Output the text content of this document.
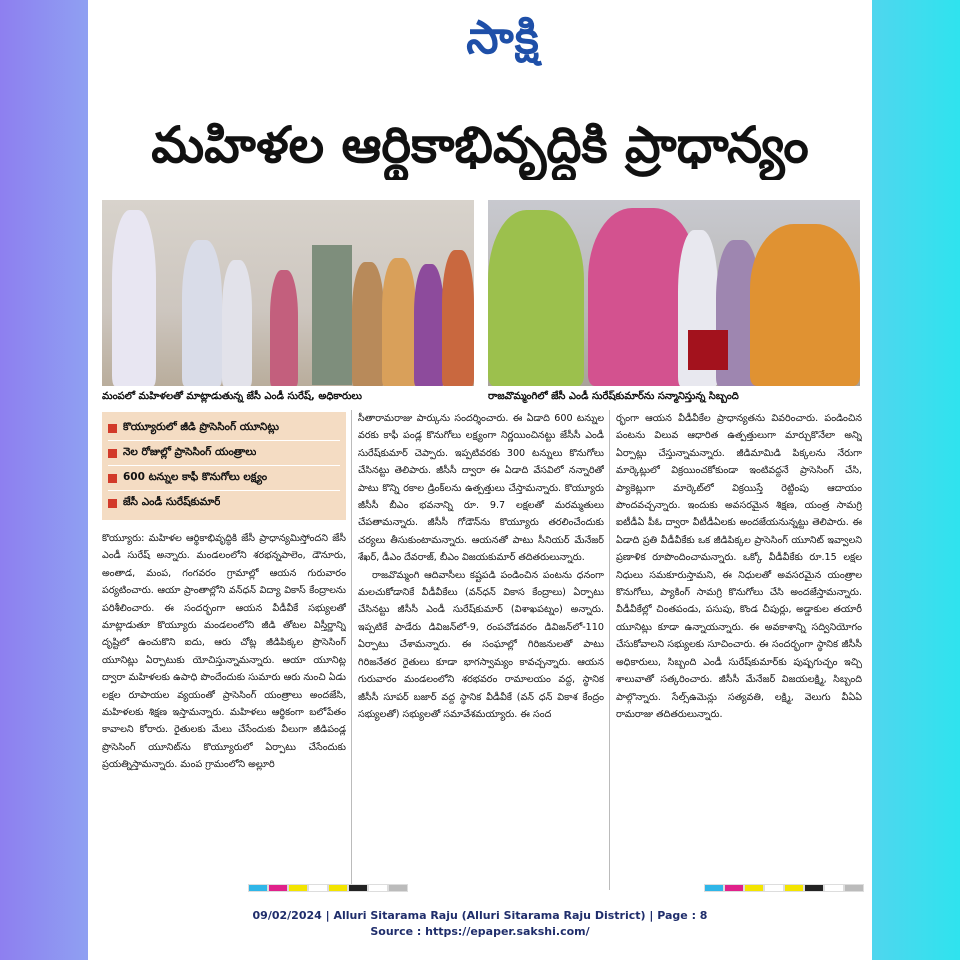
సాక్షి
మహిళల ఆర్థికాభివృద్ధికి ప్రాధాన్యం
మంపలో మహిళలతో మాట్లాడుతున్న జేసీ ఎండీ సురేష్‌, అధికారులు	రాజవొమ్మంగిలో జేసీ ఎండీ సురేష్‌కుమార్‌ను సన్మానిస్తున్న సిబ్బంది
కొయ్యూరులో జీడి ప్రొసెసింగ్‌ యూనిట్లు
నెల రోజుల్లో ప్రాసెసింగ్‌ యంత్రాలు
600 టన్నుల కాఫీ కొనుగోలు లక్ష్యం
జేసీ ఎండీ సురేష్‌కుమార్‌

కొయ్యూరు: మహిళల ఆర్థికాభివృద్ధికి జేసీ ప్రాధాన్యమిస్తోందని జేసీ ఎండీ సురేష్‌ అన్నారు. మండలంలోని శరభన్నపాలెం, డౌనూరు, అంతాడ, మంప, గంగవరం గ్రామాల్లో ఆయన గురువారం పర్యటించారు. ఆయా ప్రాంతాల్లోని వన్‌ధన్‌ విద్యా వికాస్‌ కేంద్రాలను పరిశీలించారు. ఈ సందర్భంగా ఆయన వీడీవీకే సభ్యులతో మాట్లాడుతూ కొయ్యూరు మండలంలోని జీడి తోటల విస్తీర్ణాన్ని దృష్టిలో ఉంచుకొని ఐదు, ఆరు చోట్ల జీడిపిక్కల ప్రొసెసింగ్‌ యూనిట్లు ఏర్పాటుకు యోచిస్తున్నామన్నారు. ఆయా యూనిట్ల ద్వారా మహిళలకు ఉపాధి పొందేందుకు సుమారు ఆరు నుంచి ఏడు లక్షల రూపాయల వ్యయంతో ప్రాసెసింగ్‌ యంత్రాలు అందజేసి, మహిళలకు శిక్షణ ఇస్తామన్నారు. మహిళలు ఆర్థికంగా బలోపేతం కావాలని కోరారు. రైతులకు మేలు చేసేందుకు వీలుగా జీడిపండ్ల ప్రొసెసింగ్‌ యూనిట్‌ను కొయ్యూరులో ఏర్పాటు చేసేందుకు ప్రయత్నిస్తామన్నారు. మంప గ్రామంలోని అల్లూరి

సీతారామరాజు పార్కును సందర్శించారు. ఈ ఏడాది 600 టన్నుల వరకు కాఫీ పండ్ల కొనుగోలు లక్ష్యంగా నిర్ణయించినట్టు జేసీసీ ఎండీ సురేష్‌కుమార్‌ చెప్పారు. ఇప్పటివరకు 300 టన్నులు కొనుగోలు చేసినట్టు తెలిపారు. జీసీసీ ద్వారా ఈ ఏడాది వేసవిలో నన్నారితో పాటు కొన్ని రకాల డ్రింక్‌లను ఉత్పత్తులు చేస్తామన్నారు. కొయ్యూరు జీసీసీ బీఎం భవనాన్ని రూ. 9.7 లక్షలతో మరమ్మతులు చేపతామన్నారు. జీసీసీ గోడౌన్‌ను కొయ్యూరు తరలించేందుకు చర్యలు తీసుకుంటామన్నారు. ఆయనతో పాటు సీనియర్‌ మేనేజర్‌ శేఖర్‌, డీఎం దేవరాజ్‌, బీఎం విజయకుమార్‌ తదితరులున్నారు.

రాజవొమ్మంగి ఆదివాసీలు కష్టపడి పండించిన పంటను ధనంగా మలచుకోడానికే వీడీవీకేలు (వన్‌ధన్‌ వికాస కేంద్రాలు) ఏర్పాటు చేసినట్టు జీసీసీ ఎండీ సురేష్‌కుమార్‌ (విశాఖపట్నం) అన్నారు. ఇప్పటికే పాడేరు డివిజన్‌లో-9, రంపచోడవరం డివిజన్‌లో-110 ఏర్పాటు చేశామన్నారు. ఈ సంఘాల్లో గిరిజనులతో పాటు గిరిజనేతర రైతులు కూడా భాగస్వామ్యం కావచ్చన్నారు. ఆయన గురువారం మండలంలోని శరభవరం రామాలయం వద్ద, స్థానిక జీసీసీ సూపర్‌ బజార్‌ వద్ద స్థానిక వీడీవీకే (వన్‌ ధన్‌ వికాశ కేంద్రం సభ్యులతో) సభ్యులతో సమావేశమయ్యారు. ఈ సంద

ర్భంగా ఆయన వీడీవీకేల ప్రాధాన్యతను వివరించారు. పండించిన పంటను విలువ ఆధారిత ఉత్పత్తులుగా మార్చుకొనేలా అన్ని ఏర్పాట్లు చేస్తున్నామన్నారు. జీడిమామిడి పిక్కలను నేరుగా మార్కెట్లులో విక్రయించకోకుండా ఇంటివద్దనే ప్రాసెసింగ్‌ చేసి, ప్యాకెట్లుగా మార్కెట్‌లో విక్రయిస్తే రెట్టింపు ఆదాయం పొందవచ్చన్నారు. ఇందుకు అవసరమైన శిక్షణ, యంత్ర సామగ్రి ఐటీడీఏ పీఓ ద్వారా వీటీడీఏలకు అందజేయనున్నట్టు తెలిపారు. ఈ ఏడాది ప్రతి వీడీవీకేకు ఒక జీడిపిక్కల ప్రాసెసింగ్‌ యూనిట్‌ ఇవ్వాలని ప్రణాళిక రూపొందించామన్నారు. ఒక్కో వీడీవీకేకు రూ.15 లక్షల నిధులు సమకూరుస్తామని, ఈ నిధులతో అవసరమైన యంత్రాల కొనుగోలు, ప్యాకింగ్‌ సామగ్రి కొనుగోలు చేసి అందజేస్తామన్నారు. వీడీవీకేల్లో చింతపండు, పసుపు, కొండ చీపుర్లు, అడ్డాకుల తయారీ యూనిట్లు కూడా ఉన్నాయన్నారు. ఈ అవకాశాన్ని సద్వినియోగం చేసుకోవాలని సభ్యులకు సూచించారు. ఈ సందర్భంగా స్థానిక జీసీసీ అధికారులు, సిబ్బంది ఎండీ సురేష్‌కుమార్‌కు పుష్పగుచ్ఛం ఇచ్చి శాలువాతో సత్కరించారు. జీసీసీ మేనేజర్‌ విజయలక్ష్మి, సిబ్బంది పాల్గొన్నారు. సేల్స్‌ఉమెన్లు సత్యవతి, లక్ష్మి, వెలుగు వీఏఏ రామరాజు తదితరులున్నారు.

09/02/2024 | Alluri Sitarama Raju (Alluri Sitarama Raju District) | Page : 8
Source : https://epaper.sakshi.com/
